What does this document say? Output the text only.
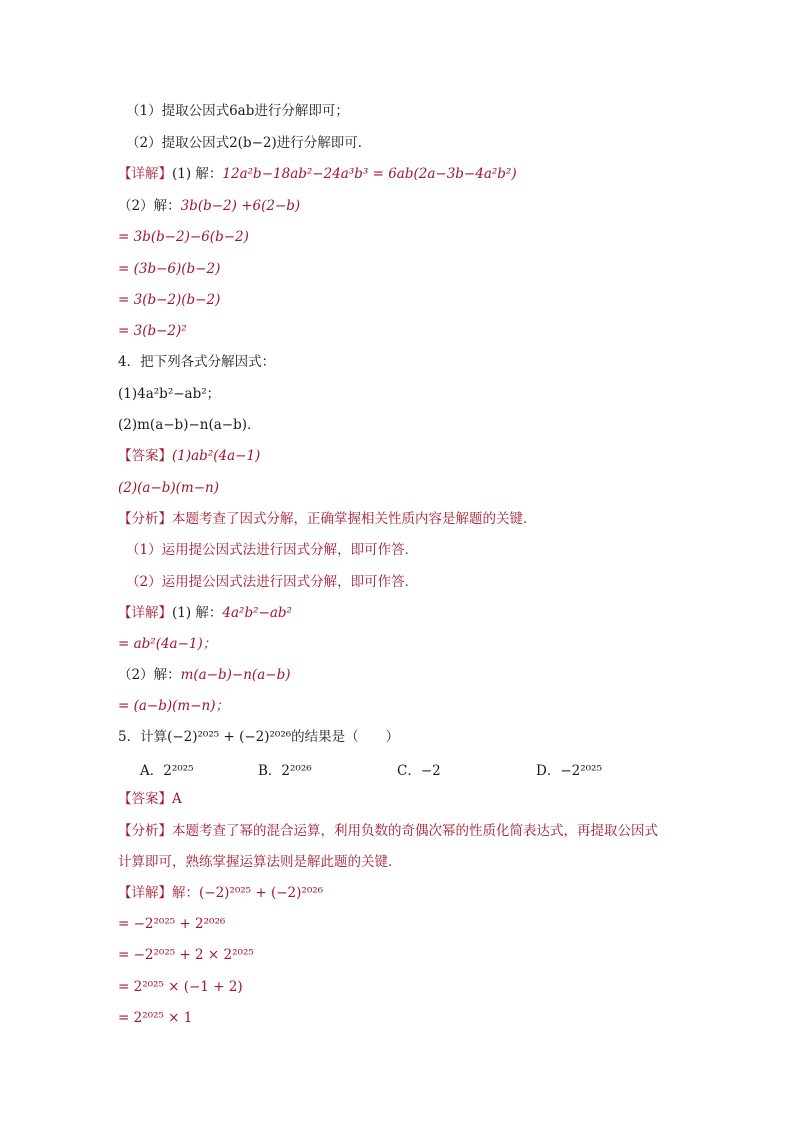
（1）提取公因式6ab进行分解即可；
（2）提取公因式2(b−2)进行分解即可．
【详解】(1) 解：12a²b−18ab²−24a³b³ = 6ab(2a−3b−4a²b²)
（2）解：3b(b−2) +6(2−b)
= 3b(b−2)−6(b−2)
= (3b−6)(b−2)
= 3(b−2)(b−2)
= 3(b−2)²
4．把下列各式分解因式：
(1)4a²b²−ab²；
(2)m(a−b)−n(a−b)．
【答案】(1)ab²(4a−1)
(2)(a−b)(m−n)
【分析】本题考查了因式分解，正确掌握相关性质内容是解题的关键．
（1）运用提公因式法进行因式分解，即可作答．
（2）运用提公因式法进行因式分解，即可作答．
【详解】(1) 解：4a²b²−ab²
= ab²(4a−1)；
（2）解：m(a−b)−n(a−b)
= (a−b)(m−n)；
5．计算(−2)²⁰²⁵ + (−2)²⁰²⁶的结果是（　　）
A．2²⁰²⁵	B．2²⁰²⁶	C．−2	D．−2²⁰²⁵
【答案】A
【分析】本题考查了幂的混合运算，利用负数的奇偶次幂的性质化简表达式，再提取公因式
计算即可，熟练掌握运算法则是解此题的关键．
【详解】解：(−2)²⁰²⁵ + (−2)²⁰²⁶
= −2²⁰²⁵ + 2²⁰²⁶
= −2²⁰²⁵ + 2 × 2²⁰²⁵
= 2²⁰²⁵ × (−1 + 2)
= 2²⁰²⁵ × 1
